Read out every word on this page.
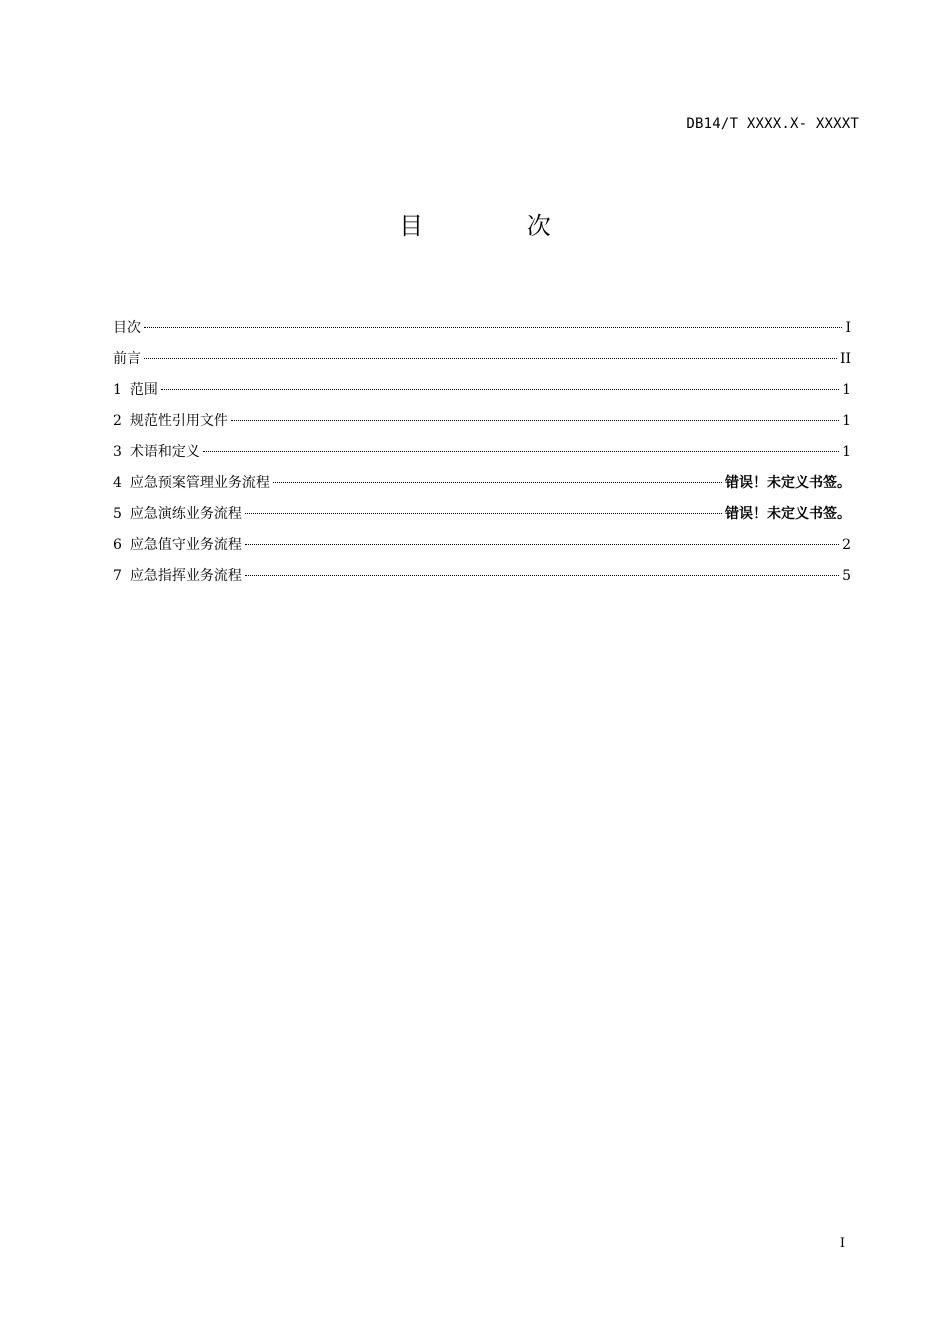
DB14/T XXXX.X- XXXXT
目 次
目次	I
前言	II
1 范围	1
2 规范性引用文件	1
3 术语和定义	1
4 应急预案管理业务流程	错误！未定义书签。
5 应急演练业务流程	错误！未定义书签。
6 应急值守业务流程	2
7 应急指挥业务流程	5
I
